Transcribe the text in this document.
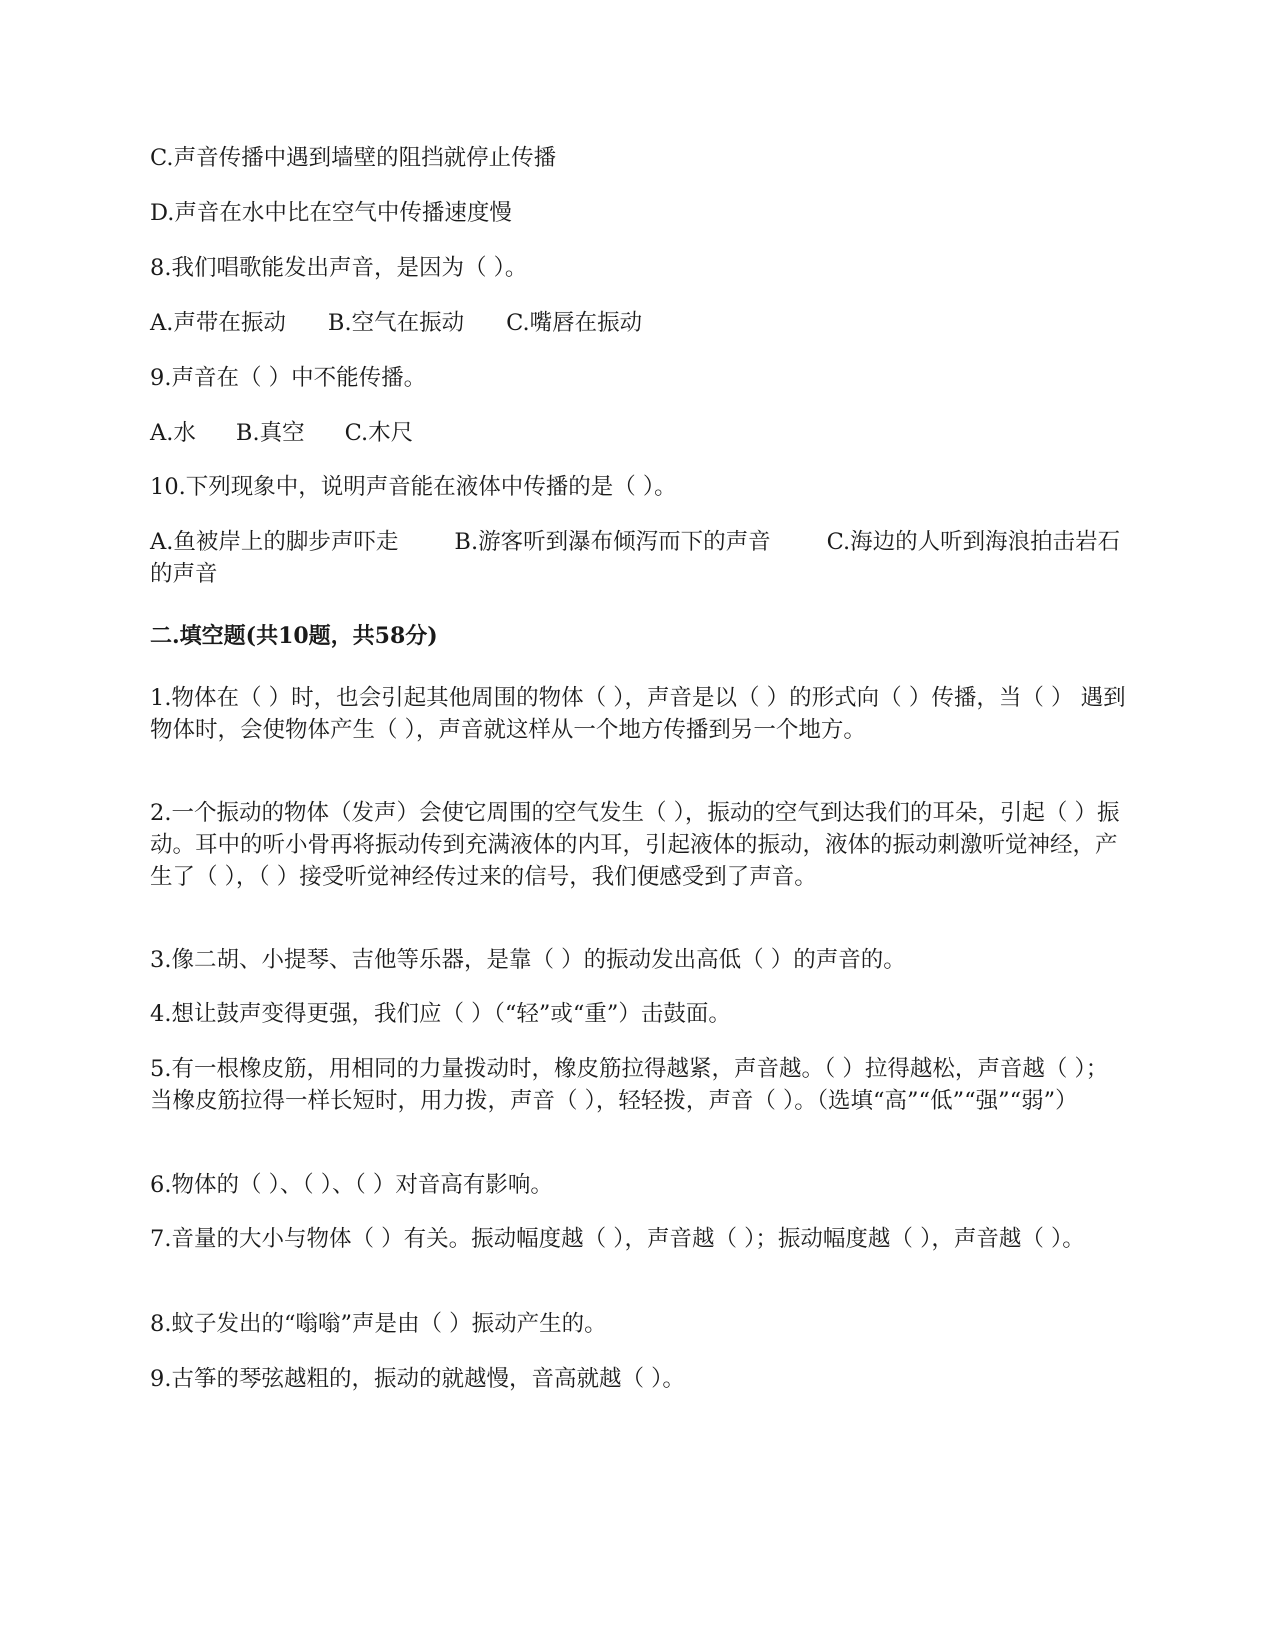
C.声音传播中遇到墙壁的阻挡就停止传播
D.声音在水中比在空气中传播速度慢
8.我们唱歌能发出声音，是因为（ ）。
A.声带在振动 B.空气在振动 C.嘴唇在振动
9.声音在（ ）中不能传播。
A.水 B.真空 C.木尺
10.下列现象中，说明声音能在液体中传播的是（ ）。
A.鱼被岸上的脚步声吓走 B.游客听到瀑布倾泻而下的声音 C.海边的人听到海浪拍击岩石的声音
二.填空题(共10题，共58分)
1.物体在（ ）时，也会引起其他周围的物体（ ），声音是以（ ）的形式向（ ）传播，当（ ） 遇到物体时，会使物体产生（ ），声音就这样从一个地方传播到另一个地方。
2.一个振动的物体（发声）会使它周围的空气发生（ ），振动的空气到达我们的耳朵，引起（ ）振动。耳中的听小骨再将振动传到充满液体的内耳，引起液体的振动，液体的振动刺激听觉神经，产生了（ ），（ ）接受听觉神经传过来的信号，我们便感受到了声音。
3.像二胡、小提琴、吉他等乐器，是靠（ ）的振动发出高低（ ）的声音的。
4.想让鼓声变得更强，我们应（ ）（“轻”或“重”）击鼓面。
5.有一根橡皮筋，用相同的力量拨动时，橡皮筋拉得越紧，声音越。（ ）拉得越松，声音越（ ）；当橡皮筋拉得一样长短时，用力拨，声音（ ），轻轻拨，声音（ ）。（选填“高”“低”“强”“弱”）
6.物体的（ ）、（ ）、（ ）对音高有影响。
7.音量的大小与物体（ ）有关。振动幅度越（ ），声音越（ ）；振动幅度越（ ），声音越（ ）。
8.蚊子发出的“嗡嗡”声是由（ ）振动产生的。
9.古筝的琴弦越粗的，振动的就越慢，音高就越（ ）。
